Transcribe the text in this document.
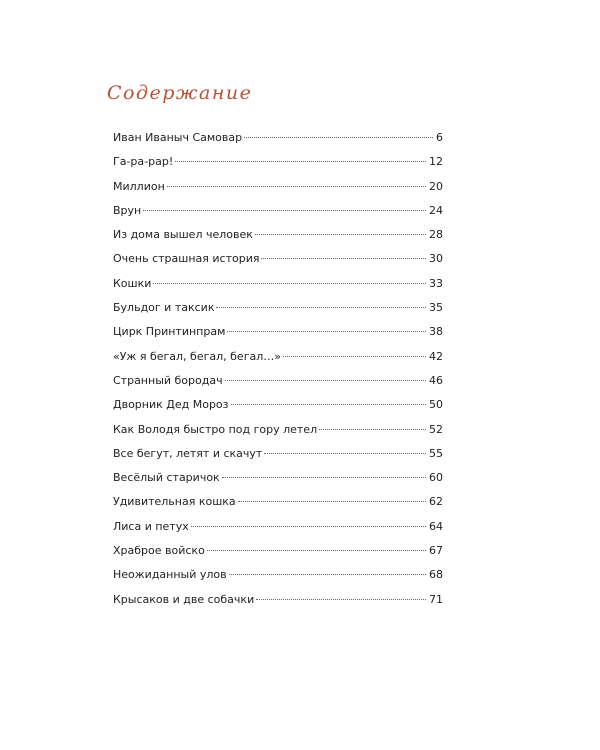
Содержание
Иван Иваныч Самовар	6
Га-ра-рар!	12
Миллион	20
Врун	24
Из дома вышел человек	28
Очень страшная история	30
Кошки	33
Бульдог и таксик	35
Цирк Принтинпрам	38
«Уж я бегал, бегал, бегал…»	42
Странный бородач	46
Дворник Дед Мороз	50
Как Володя быстро под гору летел	52
Все бегут, летят и скачут	55
Весёлый старичок	60
Удивительная кошка	62
Лиса и петух	64
Храброе войско	67
Неожиданный улов	68
Крысаков и две собачки	71
